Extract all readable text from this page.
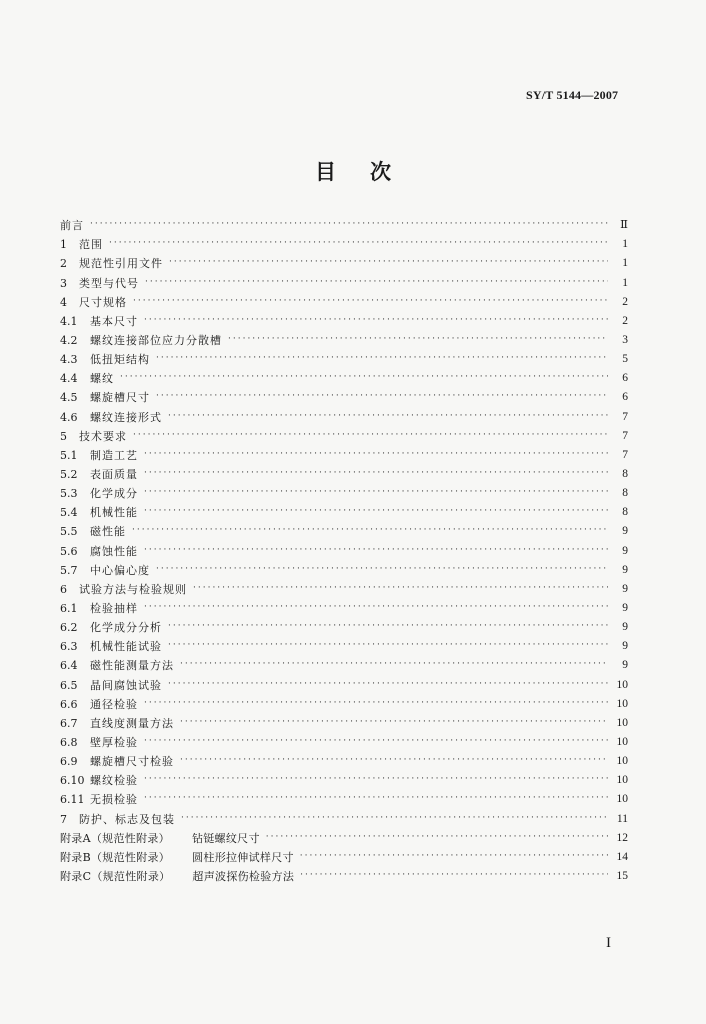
SY/T 5144—2007
目次
前言 ·····	Ⅱ
1	范围 ·····	1
2	规范性引用文件 ·····	1
3	类型与代号 ·····	1
4	尺寸规格 ·····	2
4.1	基本尺寸 ·····	2
4.2	螺纹连接部位应力分散槽 ·····	3
4.3	低扭矩结构 ·····	5
4.4	螺纹 ·····	6
4.5	螺旋槽尺寸 ·····	6
4.6	螺纹连接形式 ·····	7
5	技术要求 ·····	7
5.1	制造工艺 ·····	7
5.2	表面质量 ·····	8
5.3	化学成分 ·····	8
5.4	机械性能 ·····	8
5.5	磁性能 ·····	9
5.6	腐蚀性能 ·····	9
5.7	中心偏心度 ·····	9
6	试验方法与检验规则 ·····	9
6.1	检验抽样 ·····	9
6.2	化学成分分析 ·····	9
6.3	机械性能试验 ·····	9
6.4	磁性能测量方法 ·····	9
6.5	晶间腐蚀试验 ·····	10
6.6	通径检验 ·····	10
6.7	直线度测量方法 ·····	10
6.8	壁厚检验 ·····	10
6.9	螺旋槽尺寸检验 ·····	10
6.10 螺纹检验 ·····	10
6.11 无损检验 ·····	10
7	防护、标志及包装 ·····	11
附录A（规范性附录） 钻铤螺纹尺寸 ·····	12
附录B（规范性附录） 圆柱形拉伸试样尺寸 ·····	14
附录C（规范性附录） 超声波探伤检验方法 ·····	15
I
